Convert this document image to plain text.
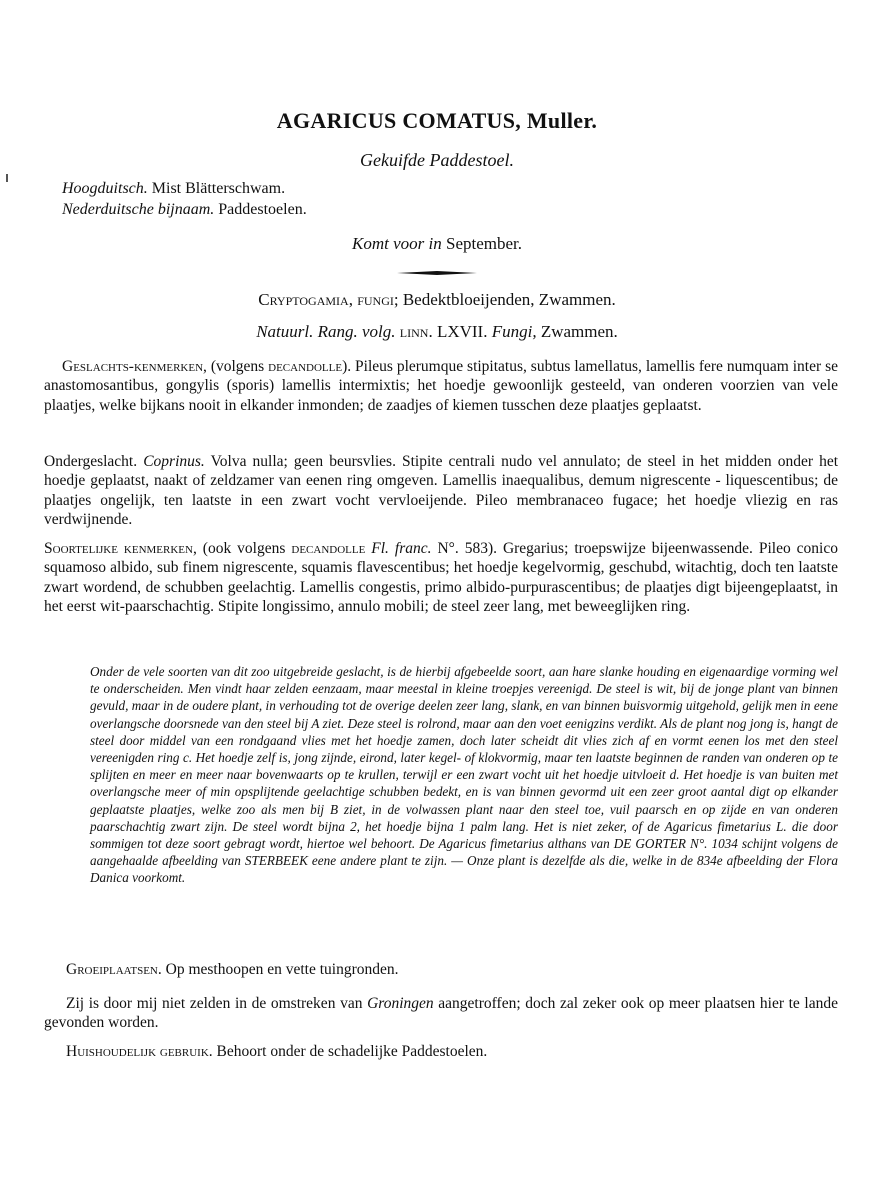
AGARICUS COMATUS, Muller.
Gekuifde Paddestoel.
Hoogduitsch. Mist Blätterschwam.
Nederduitsche bijnaam. Paddestoelen.
Komt voor in September.
Cryptogamia, fungi; Bedektbloeijenden, Zwammen.
Natuurl. Rang. volg. linn. LXVII. Fungi, Zwammen.
Geslachts-kenmerken, (volgens decandolle). Pileus plerumque stipitatus, subtus lamellatus, lamellis fere numquam inter se anastomosantibus, gongylis (sporis) lamellis intermixtis; het hoedje gewoonlijk gesteeld, van onderen voorzien van vele plaatjes, welke bijkans nooit in elkander inmonden; de zaadjes of kiemen tusschen deze plaatjes geplaatst.
Ondergeslacht. Coprinus. Volva nulla; geen beursvlies. Stipite centrali nudo vel annulato; de steel in het midden onder het hoedje geplaatst, naakt of zeldzamer van eenen ring omgeven. Lamellis inaequalibus, demum nigrescente - liquescentibus; de plaatjes ongelijk, ten laatste in een zwart vocht vervloeijende. Pileo membranaceo fugace; het hoedje vliezig en ras verdwijnende.
Soortelijke kenmerken, (ook volgens decandolle Fl. franc. N°. 583). Gregarius; troepswijze bijeenwassende. Pileo conico squamoso albido, sub finem nigrescente, squamis flavescentibus; het hoedje kegelvormig, geschubd, witachtig, doch ten laatste zwart wordend, de schubben geelachtig. Lamellis congestis, primo albido-purpurascentibus; de plaatjes digt bijeengeplaatst, in het eerst wit-paarschachtig. Stipite longissimo, annulo mobili; de steel zeer lang, met beweeglijken ring.
Onder de vele soorten van dit zoo uitgebreide geslacht, is de hierbij afgebeelde soort, aan hare slanke houding en eigenaardige vorming wel te onderscheiden. Men vindt haar zelden eenzaam, maar meestal in kleine troepjes vereenigd. De steel is wit, bij de jonge plant van binnen gevuld, maar in de oudere plant, in verhouding tot de overige deelen zeer lang, slank, en van binnen buisvormig uitgehold, gelijk men in eene overlangsche doorsnede van den steel bij A ziet. Deze steel is rolrond, maar aan den voet eenigzins verdikt. Als de plant nog jong is, hangt de steel door middel van een rondgaand vlies met het hoedje zamen, doch later scheidt dit vlies zich af en vormt eenen los met den steel vereenigden ring c. Het hoedje zelf is, jong zijnde, eirond, later kegel- of klokvormig, maar ten laatste beginnen de randen van onderen op te splijten en meer en meer naar bovenwaarts op te krullen, terwijl er een zwart vocht uit het hoedje uitvloeit d. Het hoedje is van buiten met overlangsche meer of min opsplijtende geelachtige schubben bedekt, en is van binnen gevormd uit een zeer groot aantal digt op elkander geplaatste plaatjes, welke zoo als men bij B ziet, in de volwassen plant naar den steel toe, vuil paarsch en op zijde en van onderen paarschachtig zwart zijn. De steel wordt bijna 2, het hoedje bijna 1 palm lang. Het is niet zeker, of de Agaricus fimetarius L. die door sommigen tot deze soort gebragt wordt, hiertoe wel behoort. De Agaricus fimetarius althans van DE GORTER N°. 1034 schijnt volgens de aangehaalde afbeelding van STERBEEK eene andere plant te zijn. — Onze plant is dezelfde als die, welke in de 834e afbeelding der Flora Danica voorkomt.
Groeiplaatsen. Op mesthoopen en vette tuingronden.
Zij is door mij niet zelden in de omstreken van Groningen aangetroffen; doch zal zeker ook op meer plaatsen hier te lande gevonden worden.
Huishoudelijk gebruik. Behoort onder de schadelijke Paddestoelen.
